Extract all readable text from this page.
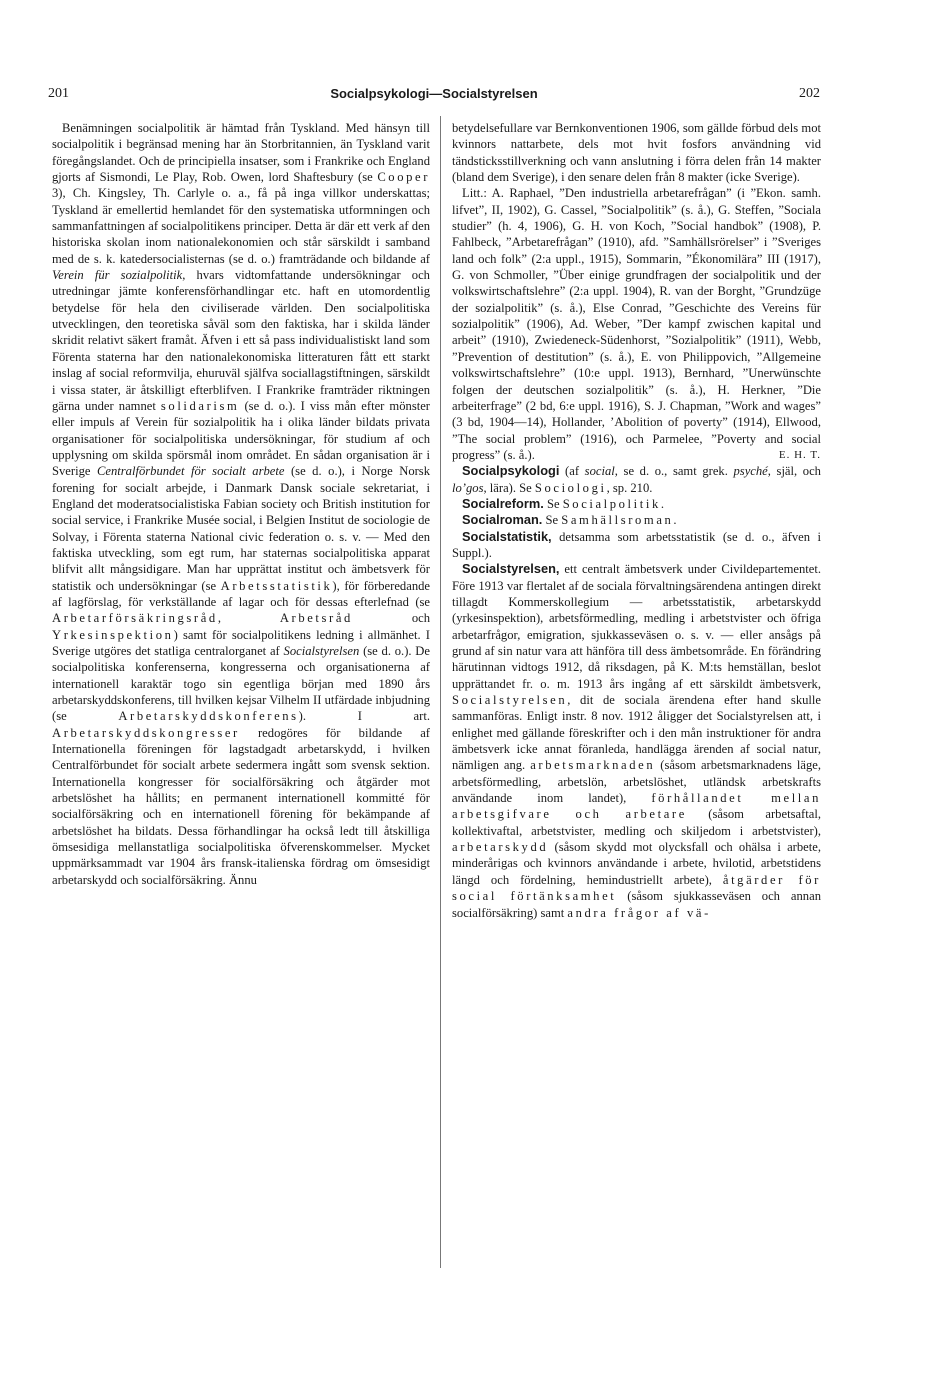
201	Socialpsykologi—Socialstyrelsen	202

Benämningen socialpolitik är hämtad från Tyskland. Med hänsyn till socialpolitik i begränsad mening har än Storbritannien, än Tyskland varit föregångslandet. Och de principiella insatser, som i Frankrike och England gjorts af Sismondi, Le Play, Rob. Owen, lord Shaftesbury (se Cooper 3), Ch. Kingsley, Th. Carlyle o. a., få på inga villkor underskattas; Tyskland är emellertid hemlandet för den systematiska utformningen och sammanfattningen af socialpolitikens principer. Detta är där ett verk af den historiska skolan inom nationalekonomien och står särskildt i samband med de s. k. katedersocialisternas (se d. o.) framträdande och bildande af Verein für sozialpolitik, hvars vidtomfattande undersökningar och utredningar jämte konferensförhandlingar etc. haft en utomordentlig betydelse för hela den civiliserade världen. Den socialpolitiska utvecklingen, den teoretiska såväl som den faktiska, har i skilda länder skridit relativt säkert framåt. Äfven i ett så pass individualistiskt land som Förenta staterna har den nationalekonomiska litteraturen fått ett starkt inslag af social reformvilja, ehuruväl själfva sociallagstiftningen, särskildt i vissa stater, är åtskilligt efterblifven. I Frankrike framträder riktningen gärna under namnet solidarism (se d. o.). I viss mån efter mönster eller impuls af Verein für sozialpolitik ha i olika länder bildats privata organisationer för socialpolitiska undersökningar, för studium af och upplysning om skilda spörsmål inom området. En sådan organisation är i Sverige Centralförbundet för socialt arbete (se d. o.), i Norge Norsk forening for socialt arbejde, i Danmark Dansk sociale sekretariat, i England det moderatsocialistiska Fabian society och British institution for social service, i Frankrike Musée social, i Belgien Institut de sociologie de Solvay, i Förenta staterna National civic federation o. s. v. — Med den faktiska utveckling, som egt rum, har staternas socialpolitiska apparat blifvit allt mångsidigare. Man har upprättat institut och ämbetsverk för statistik och undersökningar (se Arbetsstatistik), för förberedande af lagförslag, för verkställande af lagar och för dessas efterlefnad (se Arbetarförsäkringsråd, Arbetsråd och Yrkesinspektion) samt för socialpolitikens ledning i allmänhet. I Sverige utgöres det statliga centralorganet af Socialstyrelsen (se d. o.). De socialpolitiska konferenserna, kongresserna och organisationerna af internationell karaktär togo sin egentliga början med 1890 års arbetarskyddskonferens, till hvilken kejsar Vilhelm II utfärdade inbjudning (se Arbetarskyddskonferens). I art. Arbetarskyddskongresser redogöres för bildande af Internationella föreningen för lagstadgadt arbetarskydd, i hvilken Centralförbundet för socialt arbete sedermera ingått som svensk sektion. Internationella kongresser för socialförsäkring och åtgärder mot arbetslöshet ha hållits; en permanent internationell kommitté för socialförsäkring och en internationell förening för bekämpande af arbetslöshet ha bildats. Dessa förhandlingar ha också ledt till åtskilliga ömsesidiga mellanstatliga socialpolitiska öfverenskommelser. Mycket uppmärksammadt var 1904 års fransk-italienska fördrag om ömsesidigt arbetarskydd och socialförsäkring. Ännu

betydelsefullare var Bernkonventionen 1906, som gällde förbud dels mot kvinnors nattarbete, dels mot hvit fosfors användning vid tändsticksstillverkning och vann anslutning i förra delen från 14 makter (bland dem Sverige), i den senare delen från 8 makter (icke Sverige).

Litt.: A. Raphael, ”Den industriella arbetarefrågan” (i ”Ekon. samh. lifvet”, II, 1902), G. Cassel, ”Socialpolitik” (s. å.), G. Steffen, ”Sociala studier” (h. 4, 1906), G. H. von Koch, ”Social handbok” (1908), P. Fahlbeck, ”Arbetarefrågan” (1910), afd. ”Samhällsrörelser” i ”Sveriges land och folk” (2:a uppl., 1915), Sommarin, ”Ékonomilära” III (1917), G. von Schmoller, ”Über einige grundfragen der socialpolitik und der volkswirtschaftslehre” (2:a uppl. 1904), R. van der Borght, ”Grundzüge der sozialpolitik” (s. å.), Else Conrad, ”Geschichte des Vereins für sozialpolitik” (1906), Ad. Weber, ”Der kampf zwischen kapital und arbeit” (1910), Zwiedeneck-Südenhorst, ”Sozialpolitik” (1911), Webb, ”Prevention of destitution” (s. å.), E. von Philippovich, ”Allgemeine volkswirtschaftslehre” (10:e uppl. 1913), Bernhard, ”Unerwünschte folgen der deutschen sozialpolitik” (s. å.), H. Herkner, ”Die arbeiterfrage” (2 bd, 6:e uppl. 1916), S. J. Chapman, ”Work and wages” (3 bd, 1904—14), Hollander, ’Abolition of poverty” (1914), Ellwood, ”The social problem” (1916), och Parmelee, ”Poverty and social progress” (s. å.).	E. H. T.

Socialpsykologi (af social, se d. o., samt grek. psyché, själ, och lo’gos, lära). Se Sociologi, sp. 210.

Socialreform. Se Socialpolitik.

Socialroman. Se Samhällsroman.

Socialstatistik, detsamma som arbetsstatistik (se d. o., äfven i Suppl.).

Socialstyrelsen, ett centralt ämbetsverk under Civildepartementet. Före 1913 var flertalet af de sociala förvaltningsärendena antingen direkt tillagdt Kommerskollegium — arbetsstatistik, arbetarskydd (yrkesinspektion), arbetsförmedling, medling i arbetstvister och öfriga arbetarfrågor, emigration, sjukkasseväsen o. s. v. — eller ansågs på grund af sin natur vara att hänföra till dess ämbetsområde. En förändring härutinnan vidtogs 1912, då riksdagen, på K. M:ts hemställan, beslot upprättandet fr. o. m. 1913 års ingång af ett särskildt ämbetsverk, Socialstyrelsen, dit de sociala ärendena efter hand skulle sammanföras. Enligt instr. 8 nov. 1912 åligger det Socialstyrelsen att, i enlighet med gällande föreskrifter och i den mån instruktioner för andra ämbetsverk icke annat föranleda, handlägga ärenden af social natur, nämligen ang. arbetsmarknaden (såsom arbetsmarknadens läge, arbetsförmedling, arbetslön, arbetslöshet, utländsk arbetskrafts användande inom landet), förhållandet mellan arbetsgifvare och arbetare (såsom arbetsaftal, kollektivaftal, arbetstvister, medling och skiljedom i arbetstvister), arbetarskydd (såsom skydd mot olycksfall och ohälsa i arbete, minderårigas och kvinnors användande i arbete, hvilotid, arbetstidens längd och fördelning, hemindustriellt arbete), åtgärder för social förtänksamhet (såsom sjukkasseväsen och annan socialförsäkring) samt andra frågor af vä-
